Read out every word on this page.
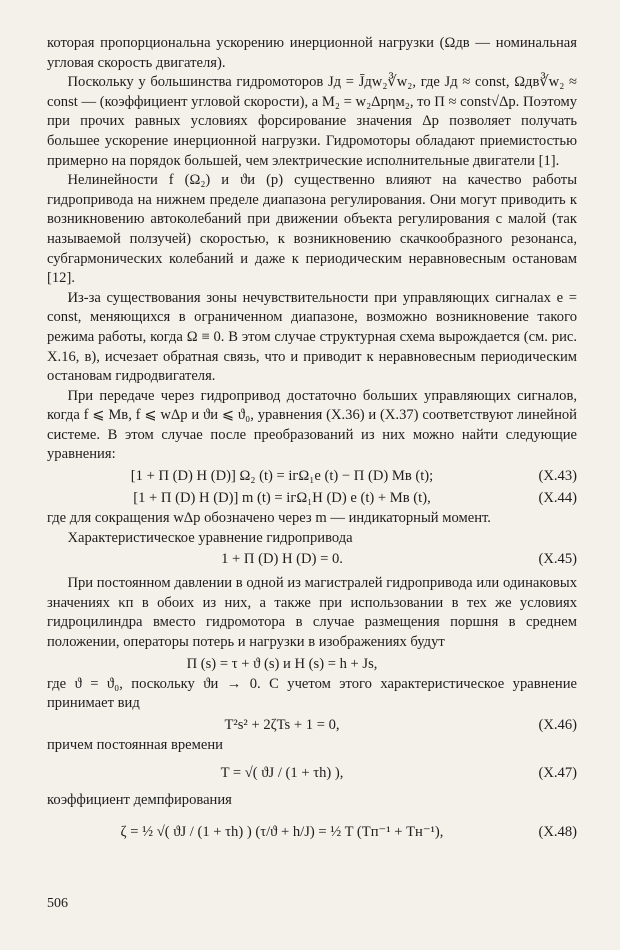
которая пропорциональна ускорению инерционной нагрузки (Ωдв — номинальная угловая скорость двигателя).

Поскольку у большинства гидромоторов Jд = J̄дw₂∛w₂, где Jд ≈ const, Ωдв∛w₂ ≈ const — (коэффициент угловой скорости), а M₂ = w₂Δpηм₂, то Π ≈ const√Δp. Поэтому при прочих равных условиях форсирование значения Δp позволяет получать большее ускорение инерционной нагрузки. Гидромоторы обладают приемистостью примерно на порядок большей, чем электрические исполнительные двигатели [1].

Нелинейности f (Ω₂) и ϑи (p) существенно влияют на качество работы гидропривода на нижнем пределе диапазона регулирования. Они могут приводить к возникновению автоколебаний при движении объекта регулирования с малой (так называемой ползучей) скоростью, к возникновению скачкообразного резонанса, субгармонических колебаний и даже к периодическим неравновесным остановам [12].

Из-за существования зоны нечувствительности при управляющих сигналах e = const, меняющихся в ограниченном диапазоне, возможно возникновение такого режима работы, когда Ω ≡ 0. В этом случае структурная схема вырождается (см. рис. X.16, в), исчезает обратная связь, что и приводит к неравновесным периодическим остановам гидродвигателя.

При передаче через гидропривод достаточно больших управляющих сигналов, когда f ⩽ Mв, f ⩽ wΔp и ϑи ⩽ ϑ₀, уравнения (X.36) и (X.37) соответствуют линейной системе. В этом случае после преобразований из них можно найти следующие уравнения:

[1 + Π (D) H (D)] Ω₂ (t) = iгΩ₁e (t) − Π (D) Mв (t);	(X.43)
[1 + Π (D) H (D)] m (t) = iгΩ₁H (D) e (t) + Mв (t),	(X.44)

где для сокращения wΔp обозначено через m — индикаторный момент.

Характеристическое уравнение гидропривода

1 + Π (D) H (D) = 0.	(X.45)

При постоянном давлении в одной из магистралей гидропривода или одинаковых значениях κп в обоих из них, а также при использовании в тех же условиях гидроцилиндра вместо гидромотора в случае размещения поршня в среднем положении, операторы потерь и нагрузки в изображениях будут

Π (s) = τ + ϑ (s) и H (s) = h + Js,

где ϑ = ϑ₀, поскольку ϑи → 0. С учетом этого характеристическое уравнение принимает вид

T²s² + 2ζTs + 1 = 0,	(X.46)

причем постоянная времени

T = √( ϑJ / (1 + τh) ),	(X.47)

коэффициент демпфирования

ζ = ½ √( ϑJ / (1 + τh) ) (τ/ϑ + h/J) = ½ T (Tп⁻¹ + Tн⁻¹),	(X.48)
506
